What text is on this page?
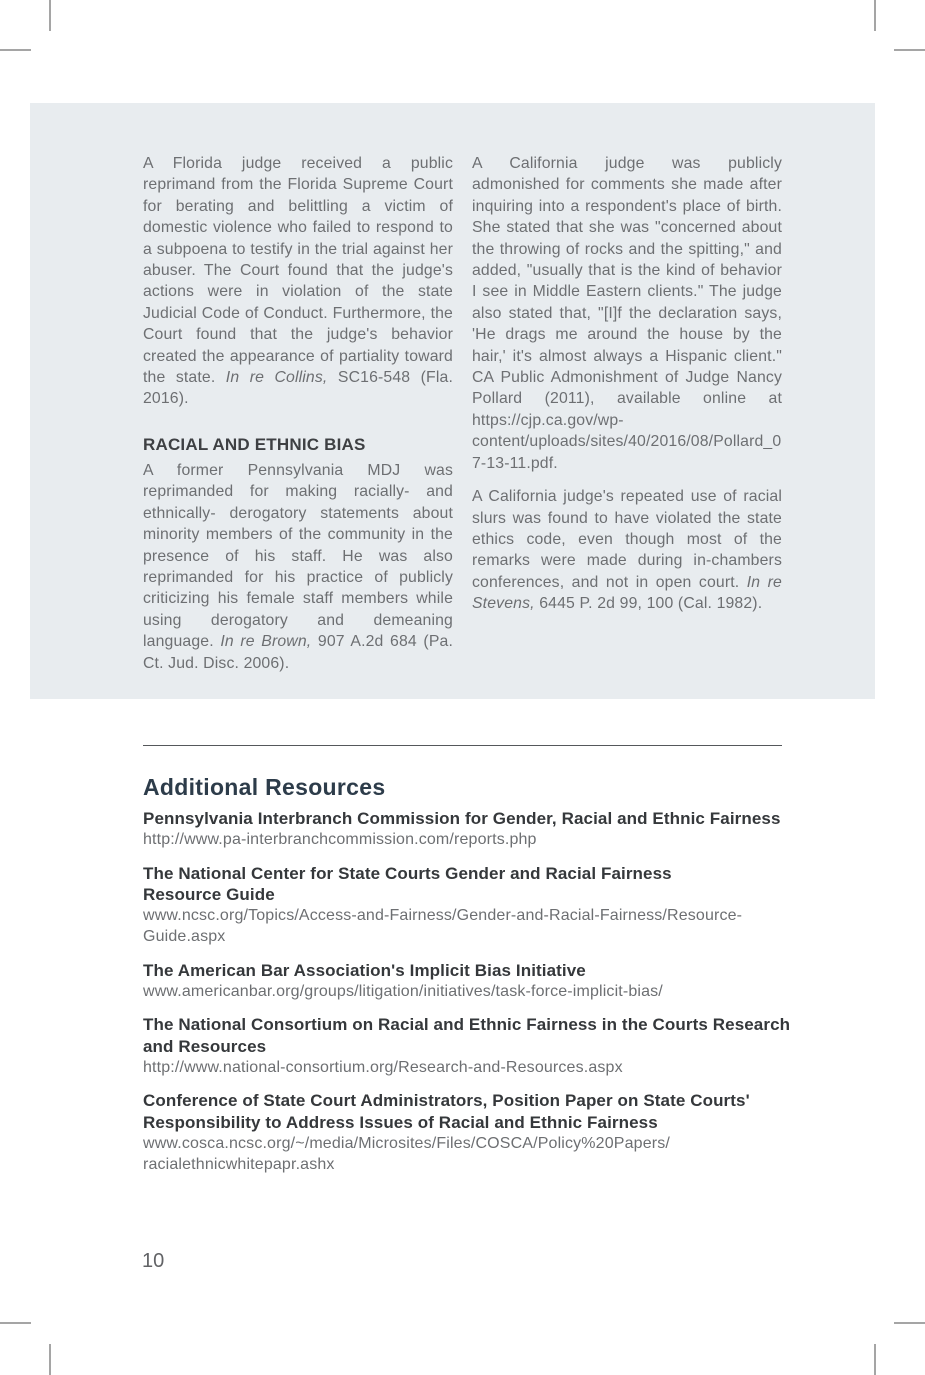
A Florida judge received a public reprimand from the Florida Supreme Court for berating and belittling a victim of domestic violence who failed to respond to a subpoena to testify in the trial against her abuser. The Court found that the judge's actions were in violation of the state Judicial Code of Conduct. Furthermore, the Court found that the judge's behavior created the appearance of partiality toward the state. In re Collins, SC16-548 (Fla. 2016).

RACIAL AND ETHNIC BIAS

A former Pennsylvania MDJ was reprimanded for making racially- and ethnically- derogatory statements about minority members of the community in the presence of his staff. He was also reprimanded for his practice of publicly criticizing his female staff members while using derogatory and demeaning language. In re Brown, 907 A.2d 684 (Pa. Ct. Jud. Disc. 2006).

A California judge was publicly admonished for comments she made after inquiring into a respondent's place of birth. She stated that she was "concerned about the throwing of rocks and the spitting," and added, "usually that is the kind of behavior I see in Middle Eastern clients." The judge also stated that, "[I]f the declaration says, 'He drags me around the house by the hair,' it's almost always a Hispanic client." CA Public Admonishment of Judge Nancy Pollard (2011), available online at https://cjp.ca.gov/wp-content/uploads/sites/40/2016/08/Pollard_07-13-11.pdf.

A California judge's repeated use of racial slurs was found to have violated the state ethics code, even though most of the remarks were made during in-chambers conferences, and not in open court. In re Stevens, 6445 P. 2d 99, 100 (Cal. 1982).

Additional Resources
Pennsylvania Interbranch Commission for Gender, Racial and Ethnic Fairness
http://www.pa-interbranchcommission.com/reports.php
The National Center for State Courts Gender and Racial Fairness
Resource Guide
www.ncsc.org/Topics/Access-and-Fairness/Gender-and-Racial-Fairness/Resource-
Guide.aspx
The American Bar Association's Implicit Bias Initiative
www.americanbar.org/groups/litigation/initiatives/task-force-implicit-bias/
The National Consortium on Racial and Ethnic Fairness in the Courts Research
and Resources
http://www.national-consortium.org/Research-and-Resources.aspx
Conference of State Court Administrators, Position Paper on State Courts'
Responsibility to Address Issues of Racial and Ethnic Fairness
www.cosca.ncsc.org/~/media/Microsites/Files/COSCA/Policy%20Papers/
racialethnicwhitepapr.ashx
10
